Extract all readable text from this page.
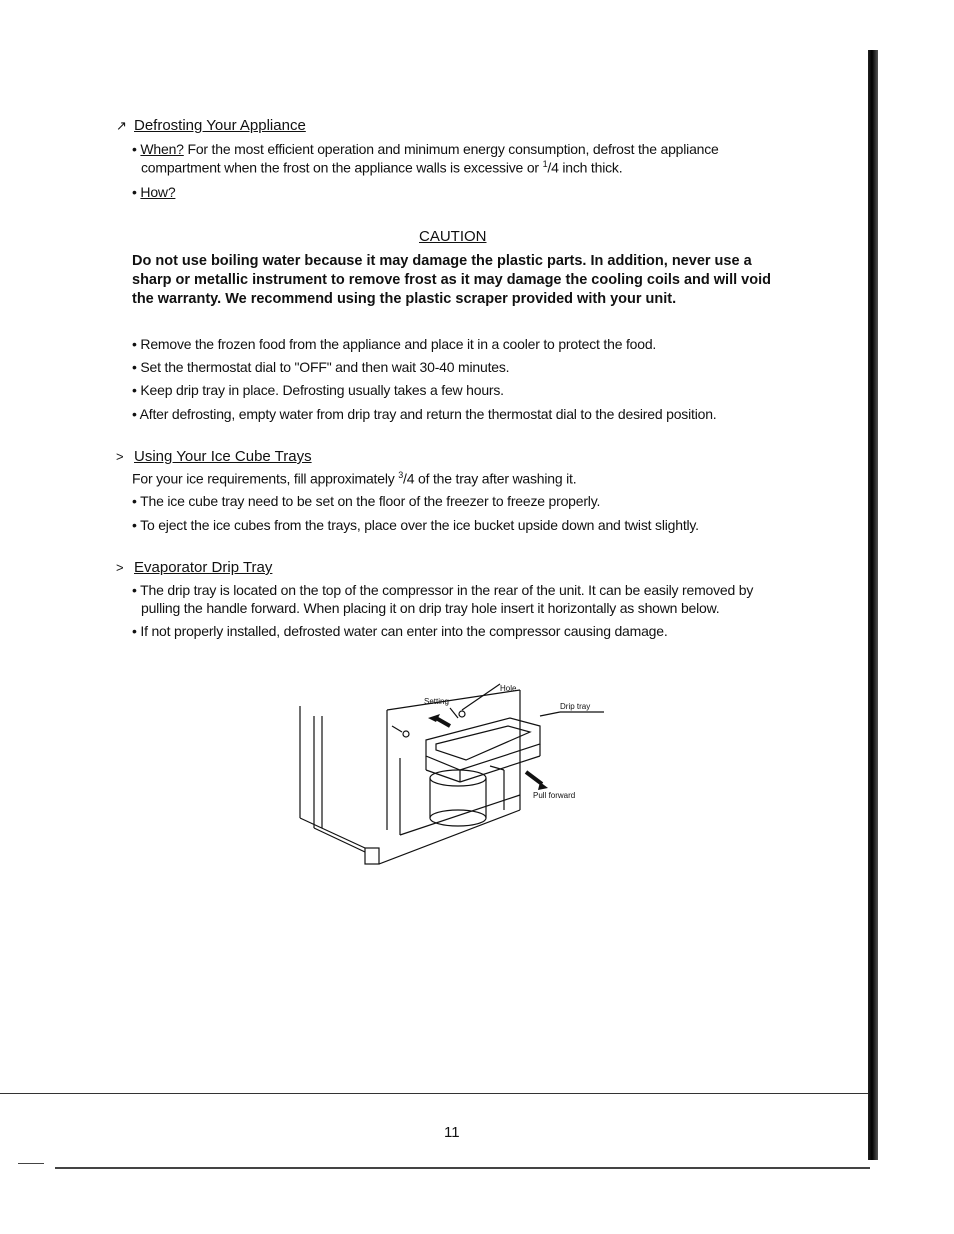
↗ Defrosting Your Appliance
• When? For the most efficient operation and minimum energy consumption, defrost the appliance
compartment when the frost on the appliance walls is excessive or $^1$/4 inch thick.
• How?
CAUTION
Do not use boiling water because it may damage the plastic parts. In addition, never use a sharp or metallic instrument to remove frost as it may damage the cooling coils and will void the warranty. We recommend using the plastic scraper provided with your unit.
• Remove the frozen food from the appliance and place it in a cooler to protect the food.
• Set the thermostat dial to "OFF" and then wait 30-40 minutes.
• Keep drip tray in place. Defrosting usually takes a few hours.
• After defrosting, empty water from drip tray and return the thermostat dial to the desired position.
> Using Your Ice Cube Trays
For your ice requirements, fill approximately $^3$/4 of the tray after washing it.
• The ice cube tray need to be set on the floor of the freezer to freeze properly.
• To eject the ice cubes from the trays, place over the ice bucket upside down and twist slightly.
> Evaporator Drip Tray
• The drip tray is located on the top of the compressor in the rear of the unit. It can be easily removed by
pulling the handle forward. When placing it on drip tray hole insert it horizontally as shown below.
• If not properly installed, defrosted water can enter into the compressor causing damage.
Setting
Hole
Drip tray
Pull forward
11
